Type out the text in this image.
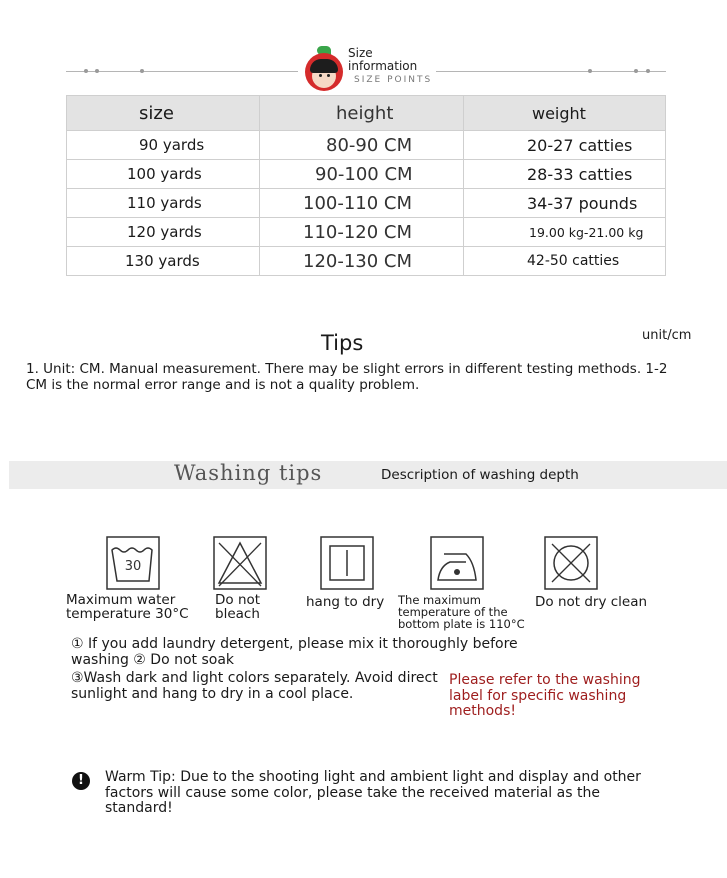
Size
information
SIZE POINTS
size	height	weight
90 yards	80-90 CM	20-27 catties
100 yards	90-100 CM	28-33 catties
110 yards	100-110 CM	34-37 pounds
120 yards	110-120 CM	19.00 kg-21.00 kg
130 yards	120-130 CM	42-50 catties
Tips	unit/cm
1. Unit: CM. Manual measurement. There may be slight errors in different testing methods. 1-2 CM is the normal error range and is not a quality problem.
Washing tips	Description of washing depth
30
Maximum water
temperature 30°C
Do not
bleach
hang to dry The maximum
temperature of the
bottom plate is 110°C
Do not dry clean
① If you add laundry detergent, please mix it thoroughly before washing ② Do not soak
③Wash dark and light colors separately. Avoid direct sunlight and hang to dry in a cool place.
Please refer to the washing label for specific washing methods!
!	Warm Tip: Due to the shooting light and ambient light and display and other factors will cause some color, please take the received material as the standard!
